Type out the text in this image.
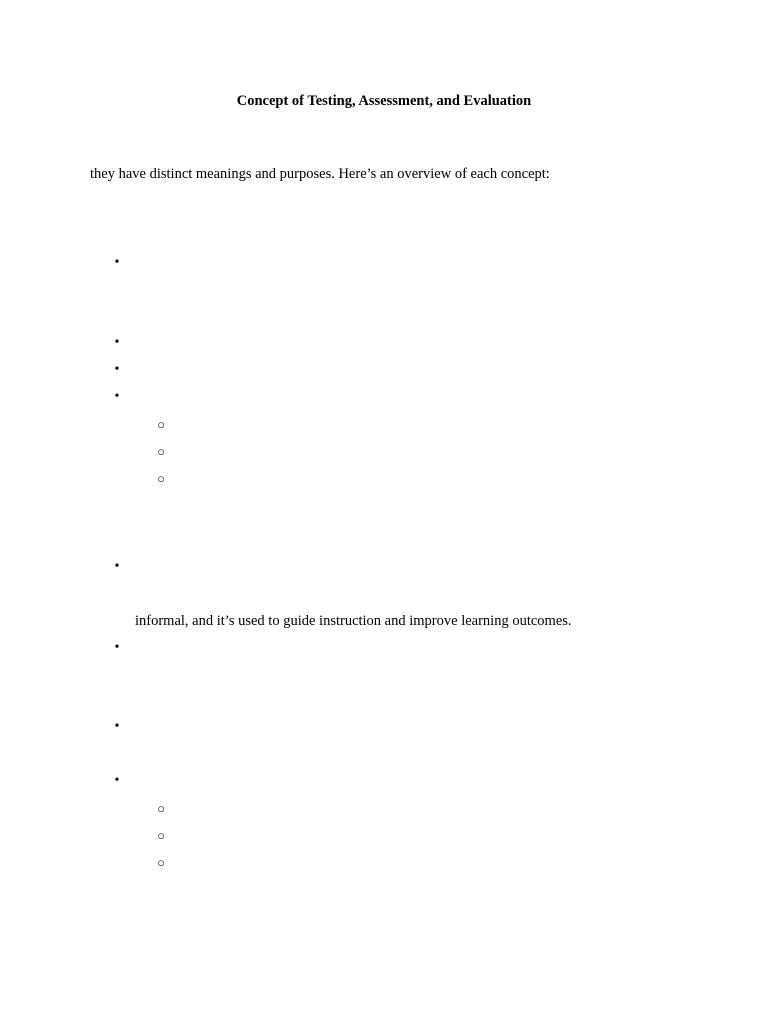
Concept of Testing, Assessment, and Evaluation
they have distinct meanings and purposes. Here’s an overview of each concept:
•
•
•
•
○
○
○
•
informal, and it’s used to guide instruction and improve learning outcomes.
•
•
•
○
○
○
